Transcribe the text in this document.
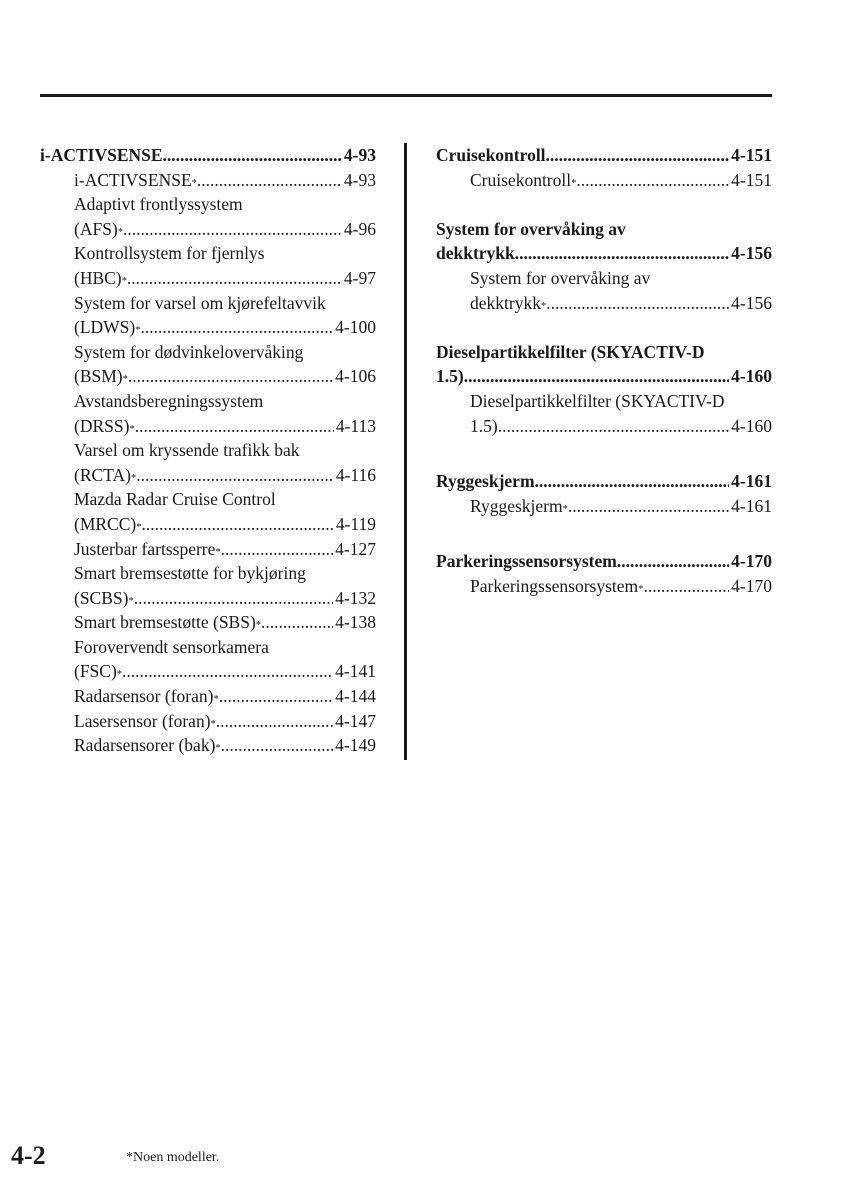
i-ACTIVSENSE .....	4-93
i-ACTIVSENSE * .....	4-93
Adaptivt frontlyssystem
(AFS) * .....	4-96
Kontrollsystem for fjernlys
(HBC) * .....	4-97
System for varsel om kjørefeltavvik
(LDWS) * .....	4-100
System for dødvinkelovervåking
(BSM) * .....	4-106
Avstandsberegningssystem
(DRSS) * .....	4-113
Varsel om kryssende trafikk bak
(RCTA) * .....	4-116
Mazda Radar Cruise Control
(MRCC) * .....	4-119
Justerbar fartssperre * .....	4-127
Smart bremsestøtte for bykjøring
(SCBS) * .....	4-132
Smart bremsestøtte (SBS) * .....	4-138
Forovervendt sensorkamera
(FSC) * .....	4-141
Radarsensor (foran) * .....	4-144
Lasersensor (foran) * .....	4-147
Radarsensorer (bak) * .....	4-149
Cruisekontroll .....	4-151
Cruisekontroll * .....	4-151
System for overvåking av
dekktrykk .....	4-156
System for overvåking av
dekktrykk * .....	4-156
Dieselpartikkelfilter (SKYACTIV-D
1.5) .....	4-160
Dieselpartikkelfilter (SKYACTIV-D
1.5) .....	4-160
Ryggeskjerm .....	4-161
Ryggeskjerm * .....	4-161
Parkeringssensorsystem .....	4-170
Parkeringssensorsystem * .....	4-170
4-2	*Noen modeller.
